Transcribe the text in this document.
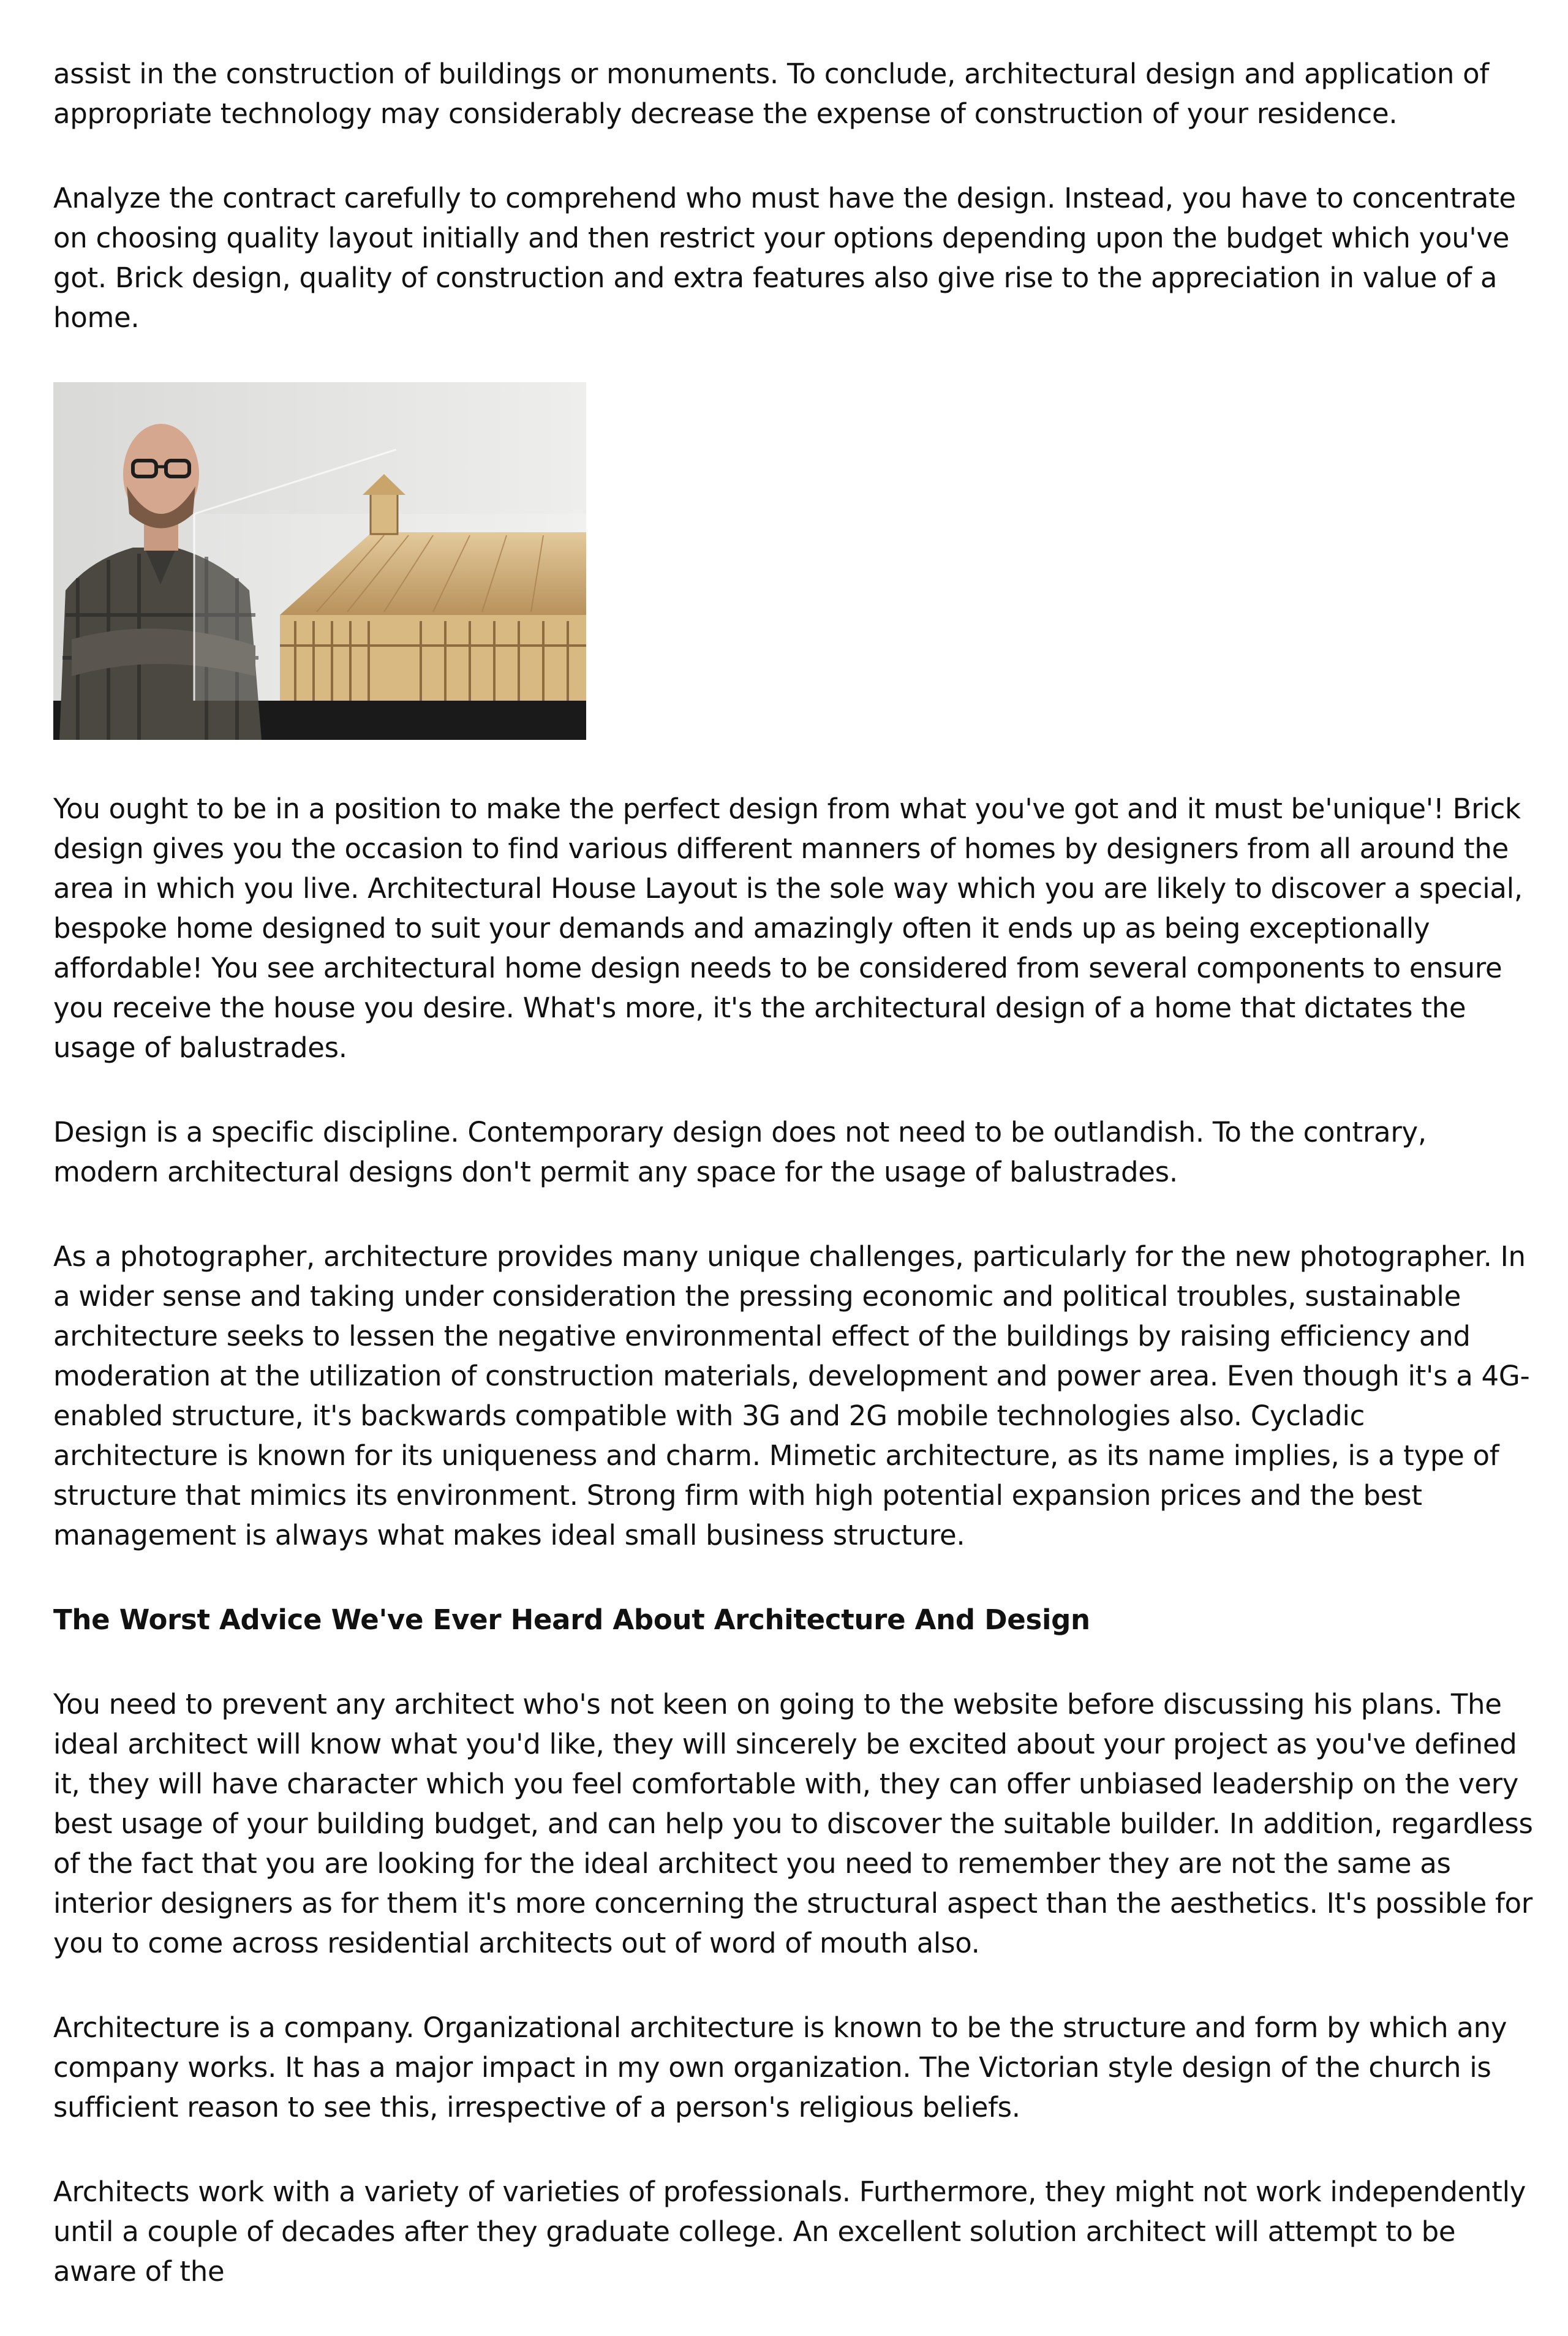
assist in the construction of buildings or monuments. To conclude, architectural design and application of appropriate technology may considerably decrease the expense of construction of your residence.

Analyze the contract carefully to comprehend who must have the design. Instead, you have to concentrate on choosing quality layout initially and then restrict your options depending upon the budget which you've got. Brick design, quality of construction and extra features also give rise to the appreciation in value of a home.

You ought to be in a position to make the perfect design from what you've got and it must be'unique'! Brick design gives you the occasion to find various different manners of homes by designers from all around the area in which you live. Architectural House Layout is the sole way which you are likely to discover a special, bespoke home designed to suit your demands and amazingly often it ends up as being exceptionally affordable! You see architectural home design needs to be considered from several components to ensure you receive the house you desire. What's more, it's the architectural design of a home that dictates the usage of balustrades.

Design is a specific discipline. Contemporary design does not need to be outlandish. To the contrary, modern architectural designs don't permit any space for the usage of balustrades.

As a photographer, architecture provides many unique challenges, particularly for the new photographer. In a wider sense and taking under consideration the pressing economic and political troubles, sustainable architecture seeks to lessen the negative environmental effect of the buildings by raising efficiency and moderation at the utilization of construction materials, development and power area. Even though it's a 4G-enabled structure, it's backwards compatible with 3G and 2G mobile technologies also. Cycladic architecture is known for its uniqueness and charm. Mimetic architecture, as its name implies, is a type of structure that mimics its environment. Strong firm with high potential expansion prices and the best management is always what makes ideal small business structure.

The Worst Advice We've Ever Heard About Architecture And Design

You need to prevent any architect who's not keen on going to the website before discussing his plans. The ideal architect will know what you'd like, they will sincerely be excited about your project as you've defined it, they will have character which you feel comfortable with, they can offer unbiased leadership on the very best usage of your building budget, and can help you to discover the suitable builder. In addition, regardless of the fact that you are looking for the ideal architect you need to remember they are not the same as interior designers as for them it's more concerning the structural aspect than the aesthetics. It's possible for you to come across residential architects out of word of mouth also.

Architecture is a company. Organizational architecture is known to be the structure and form by which any company works. It has a major impact in my own organization. The Victorian style design of the church is sufficient reason to see this, irrespective of a person's religious beliefs.

Architects work with a variety of varieties of professionals. Furthermore, they might not work independently until a couple of decades after they graduate college. An excellent solution architect will attempt to be aware of the
